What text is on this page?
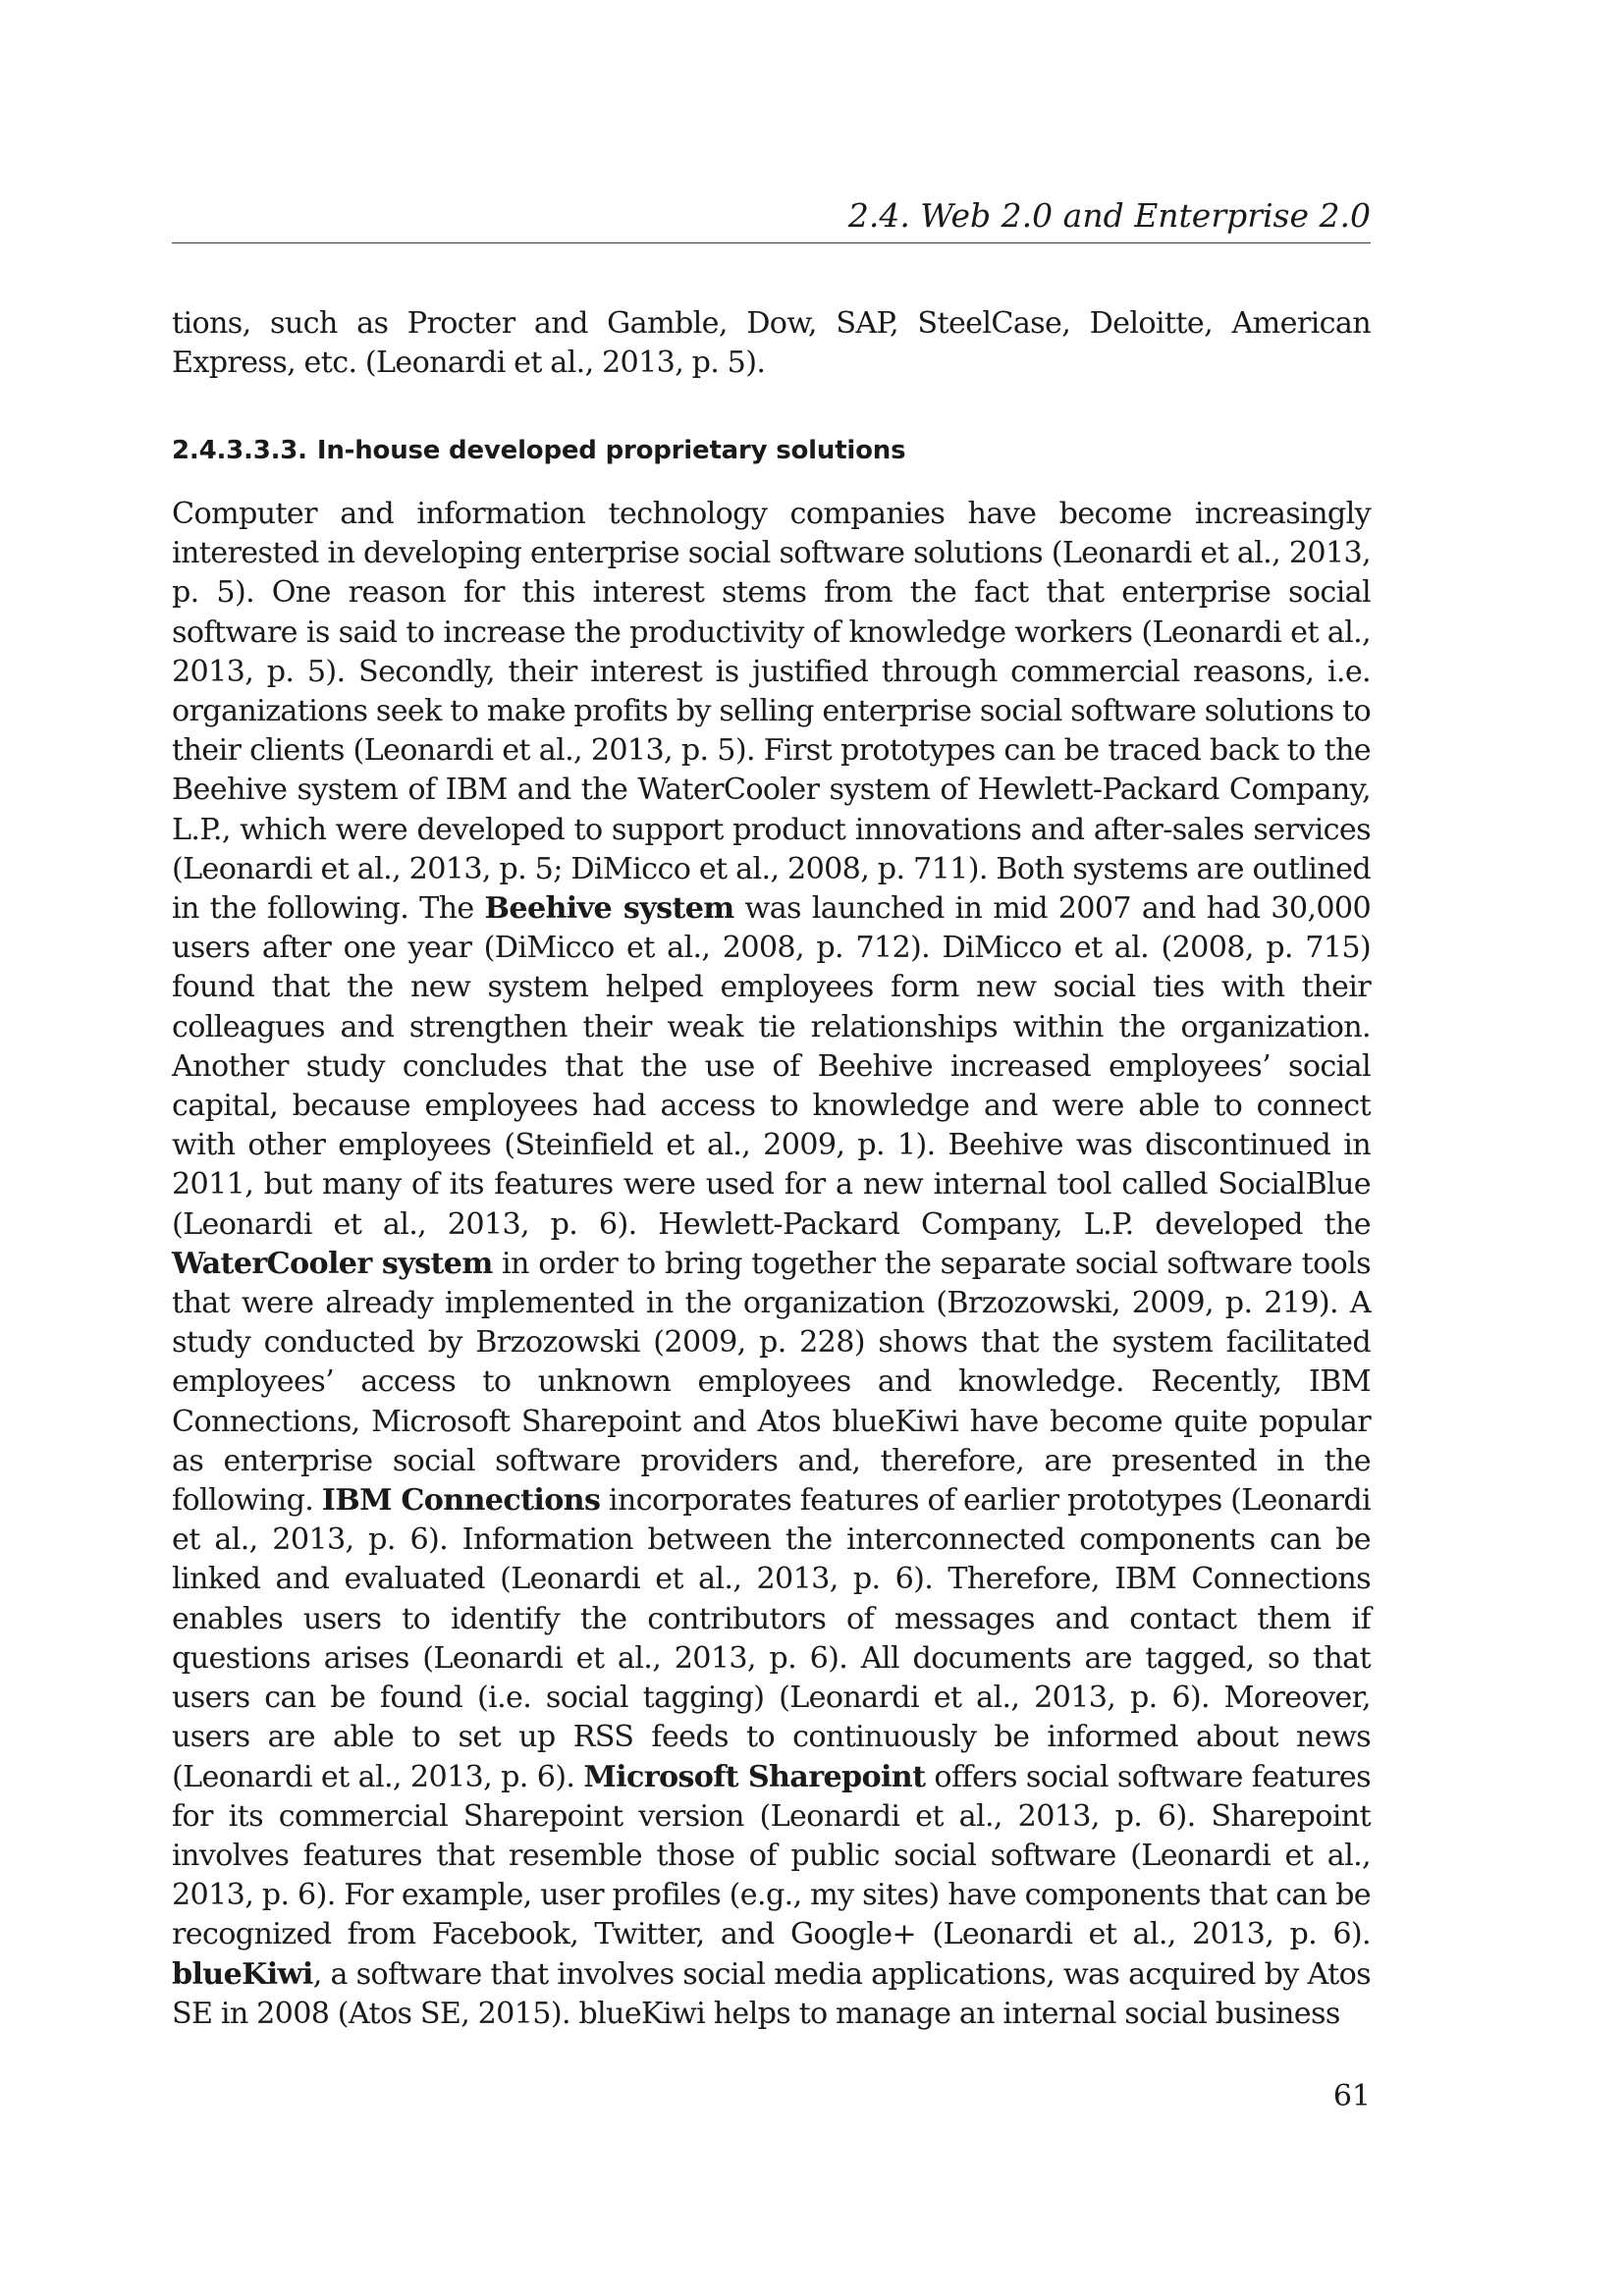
2.4. Web 2.0 and Enterprise 2.0

tions, such as Procter and Gamble, Dow, SAP, SteelCase, Deloitte, American Express, etc. (Leonardi et al., 2013, p. 5).

2.4.3.3.3. In-house developed proprietary solutions

Computer and information technology companies have become increasingly interested in developing enterprise social software solutions (Leonardi et al., 2013, p. 5). One reason for this interest stems from the fact that enterprise social software is said to increase the productivity of knowledge workers (Leonardi et al., 2013, p. 5). Secondly, their interest is justified through commercial reasons, i.e. organizations seek to make profits by selling enterprise social software solutions to their clients (Leonardi et al., 2013, p. 5). First prototypes can be traced back to the Beehive system of IBM and the WaterCooler system of Hewlett-Packard Company, L.P., which were developed to support product innovations and after-sales services (Leonardi et al., 2013, p. 5; DiMicco et al., 2008, p. 711). Both systems are outlined in the following. The Beehive system was launched in mid 2007 and had 30,000 users after one year (DiMicco et al., 2008, p. 712). DiMicco et al. (2008, p. 715) found that the new system helped employees form new social ties with their colleagues and strengthen their weak tie relationships within the organization. Another study concludes that the use of Beehive increased employees’ social capital, because employees had access to knowledge and were able to connect with other employees (Steinfield et al., 2009, p. 1). Beehive was discontinued in 2011, but many of its features were used for a new internal tool called SocialBlue (Leonardi et al., 2013, p. 6). Hewlett-Packard Company, L.P. developed the WaterCooler system in order to bring together the separate social software tools that were already implemented in the organization (Brzozowski, 2009, p. 219). A study conducted by Brzozowski (2009, p. 228) shows that the system facilitated employees’ access to unknown employees and knowledge. Recently, IBM Connections, Microsoft Sharepoint and Atos blueKiwi have become quite popular as enterprise social software providers and, therefore, are presented in the following. IBM Connections incorporates features of earlier prototypes (Leonardi et al., 2013, p. 6). Information between the interconnected components can be linked and evaluated (Leonardi et al., 2013, p. 6). Therefore, IBM Connections enables users to identify the contributors of messages and contact them if questions arises (Leonardi et al., 2013, p. 6). All documents are tagged, so that users can be found (i.e. social tagging) (Leonardi et al., 2013, p. 6). Moreover, users are able to set up RSS feeds to continuously be informed about news (Leonardi et al., 2013, p. 6). Microsoft Sharepoint offers social software features for its commercial Sharepoint version (Leonardi et al., 2013, p. 6). Sharepoint involves features that resemble those of public social software (Leonardi et al., 2013, p. 6). For example, user profiles (e.g., my sites) have components that can be recognized from Facebook, Twitter, and Google+ (Leonardi et al., 2013, p. 6). blueKiwi, a software that involves social media applications, was acquired by Atos SE in 2008 (Atos SE, 2015). blueKiwi helps to manage an internal social business

61
